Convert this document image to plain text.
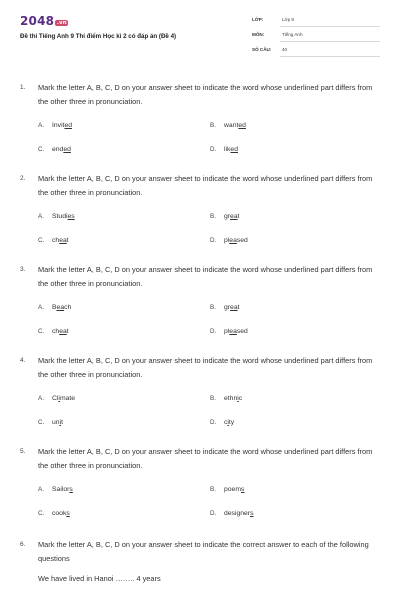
2048 .vn
Đề thi Tiếng Anh 9 Thí điểm Học kì 2 có đáp án (Đề 4)
LỚP:	Lớp 9
MÔN:	Tiếng Anh
SỐ CÂU: 40
1. Mark the letter A, B, C, D on your answer sheet to indicate the word whose underlined part differs from the other three in pronunciation.
A. Invited	B. wanted
C. ended	D. liked
2. Mark the letter A, B, C, D on your answer sheet to indicate the word whose underlined part differs from the other three in pronunciation.
A. Studies	B. great
C. cheat	D. pleased
3. Mark the letter A, B, C, D on your answer sheet to indicate the word whose underlined part differs from the other three in pronunciation.
A. Beach	B. great
C. cheat	D. pleased
4. Mark the letter A, B, C, D on your answer sheet to indicate the word whose underlined part differs from the other three in pronunciation.
A. Climate	B. ethnic
C. unit	D. city
5. Mark the letter A, B, C, D on your answer sheet to indicate the word whose underlined part differs from the other three in pronunciation.
A. Sailors	B. poems
C. cooks	D. designers
6. Mark the letter A, B, C, D on your answer sheet to indicate the correct answer to each of the following questions
We have lived in Hanoi …….. 4 years
